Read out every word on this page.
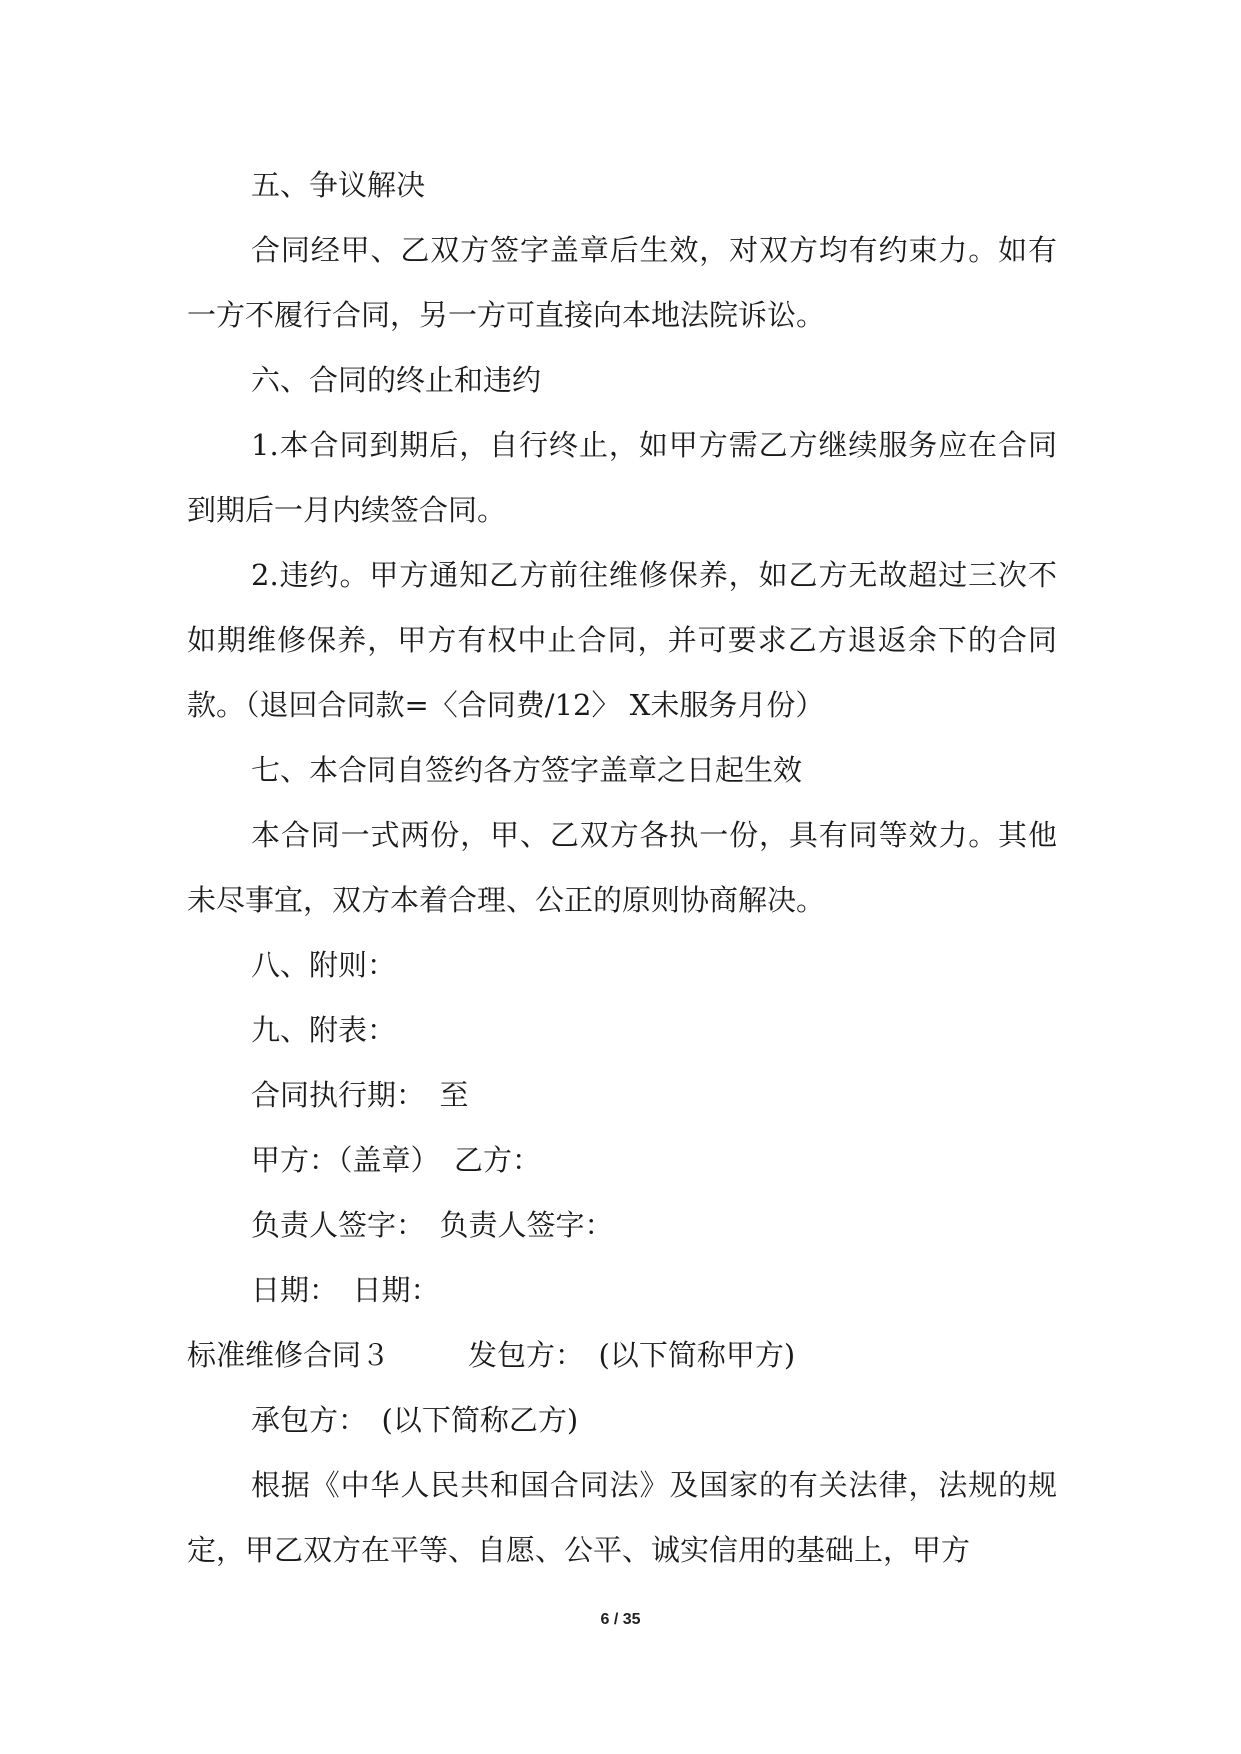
五、争议解决

合同经甲、乙双方签字盖章后生效，对双方均有约束力。如有一方不履行合同，另一方可直接向本地法院诉讼。

六、合同的终止和违约

1.本合同到期后，自行终止，如甲方需乙方继续服务应在合同到期后一月内续签合同。

2.违约。甲方通知乙方前往维修保养，如乙方无故超过三次不如期维修保养，甲方有权中止合同，并可要求乙方退返余下的合同款。（退回合同款=〈合同费/12〉 X未服务月份）

七、本合同自签约各方签字盖章之日起生效

本合同一式两份，甲、乙双方各执一份，具有同等效力。其他未尽事宜，双方本着合理、公正的原则协商解决。

八、附则：

九、附表：

合同执行期：　至

甲方：（盖章）　乙方：

负责人签字：　负责人签字：

日期：　日期：

标准维修合同３	发包方：　(以下简称甲方)

承包方：　(以下简称乙方)

根据《中华人民共和国合同法》及国家的有关法律，法规的规定，甲乙双方在平等、自愿、公平、诚实信用的基础上，甲方

6 / 35
